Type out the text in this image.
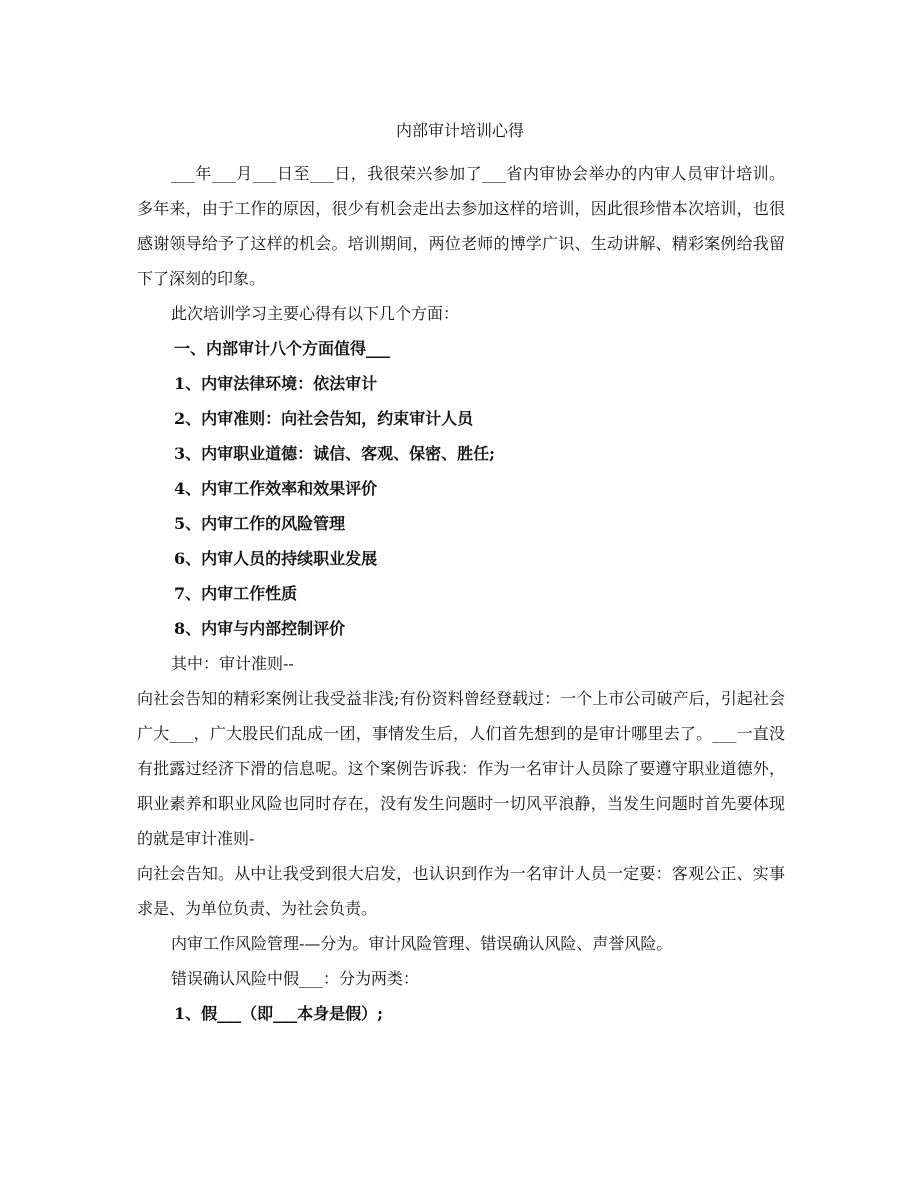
内部审计培训心得

___年___月___日至___日，我很荣兴参加了___省内审协会举办的内审人员审计培训。多年来，由于工作的原因，很少有机会走出去参加这样的培训，因此很珍惜本次培训，也很感谢领导给予了这样的机会。培训期间，两位老师的博学广识、生动讲解、精彩案例给我留下了深刻的印象。

此次培训学习主要心得有以下几个方面：

一、内部审计八个方面值得___

1、内审法律环境：依法审计

2、内审准则：向社会告知，约束审计人员

3、内审职业道德：诚信、客观、保密、胜任;

4、内审工作效率和效果评价

5、内审工作的风险管理

6、内审人员的持续职业发展

7、内审工作性质

8、内审与内部控制评价

其中：审计准则--

向社会告知的精彩案例让我受益非浅;有份资料曾经登载过：一个上市公司破产后，引起社会广大___，广大股民们乱成一团，事情发生后，人们首先想到的是审计哪里去了。___一直没有批露过经济下滑的信息呢。这个案例告诉我：作为一名审计人员除了要遵守职业道德外，职业素养和职业风险也同时存在，没有发生问题时一切风平浪静，当发生问题时首先要体现的就是审计准则-

向社会告知。从中让我受到很大启发，也认识到作为一名审计人员一定要：客观公正、实事求是、为单位负责、为社会负责。

内审工作风险管理-—分为。审计风险管理、错误确认风险、声誉风险。

错误确认风险中假___：分为两类：

1、假___（即___本身是假）;
